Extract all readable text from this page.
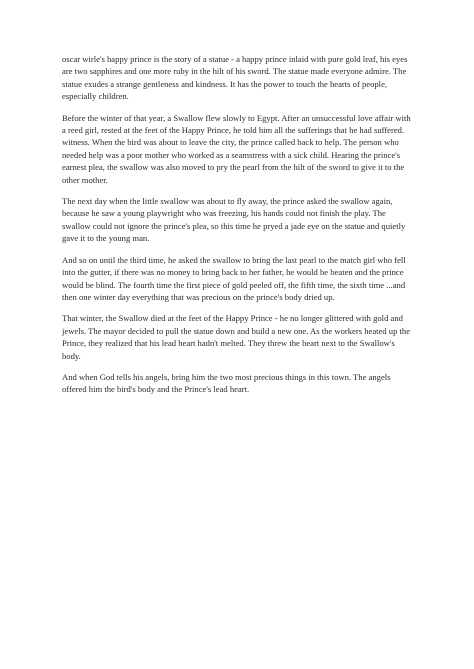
oscar wirle's happy prince is the story of a statue - a happy prince inlaid with pure gold leaf, his eyes are two sapphires and one more ruby in the hilt of his sword. The statue made everyone admire. The statue exudes a strange gentleness and kindness. It has the power to touch the hearts of people, especially children.

Before the winter of that year, a Swallow flew slowly to Egypt. After an unsuccessful love affair with a reed girl, rested at the feet of the Happy Prince, he told him all the sufferings that he had suffered. witness. When the bird was about to leave the city, the prince called back to help. The person who needed help was a poor mother who worked as a seamstress with a sick child. Hearing the prince's earnest plea, the swallow was also moved to pry the pearl from the hilt of the sword to give it to the other mother.

The next day when the little swallow was about to fly away, the prince asked the swallow again, because he saw a young playwright who was freezing, his hands could not finish the play. The swallow could not ignore the prince's plea, so this time he pryed a jade eye on the statue and quietly gave it to the young man.

And so on until the third time, he asked the swallow to bring the last pearl to the match girl who fell into the gutter, if there was no money to bring back to her father, he would be beaten and the prince would be blind. The fourth time the first piece of gold peeled off, the fifth time, the sixth time ...and then one winter day everything that was precious on the prince's body dried up.

That winter, the Swallow died at the feet of the Happy Prince - he no longer glittered with gold and jewels. The mayor decided to pull the statue down and build a new one. As the workers heated up the Prince, they realized that his lead heart hadn't melted. They threw the heart next to the Swallow's body.

And when God tells his angels, bring him the two most precious things in this town. The angels offered him the bird's body and the Prince's lead heart.
